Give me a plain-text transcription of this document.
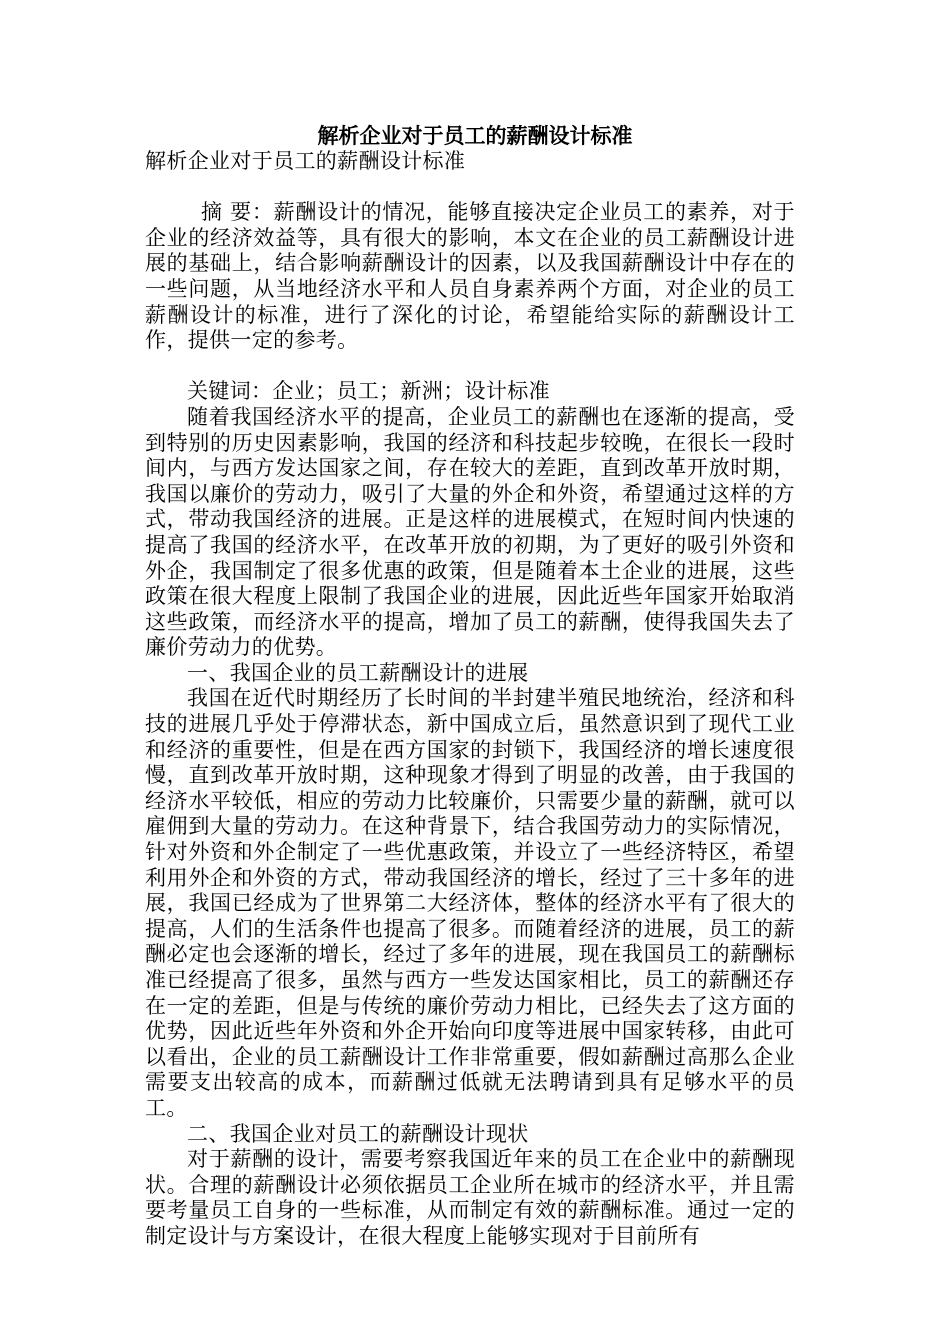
解析企业对于员工的薪酬设计标准

解析企业对于员工的薪酬设计标准

摘 要：薪酬设计的情况，能够直接决定企业员工的素养，对于企业的经济效益等，具有很大的影响，本文在企业的员工薪酬设计进展的基础上，结合影响薪酬设计的因素，以及我国薪酬设计中存在的一些问题，从当地经济水平和人员自身素养两个方面，对企业的员工薪酬设计的标准，进行了深化的讨论，希望能给实际的薪酬设计工作，提供一定的参考。

关键词：企业；员工；新洲；设计标准

随着我国经济水平的提高，企业员工的薪酬也在逐渐的提高，受到特别的历史因素影响，我国的经济和科技起步较晚，在很长一段时间内，与西方发达国家之间，存在较大的差距，直到改革开放时期，我国以廉价的劳动力，吸引了大量的外企和外资，希望通过这样的方式，带动我国经济的进展。正是这样的进展模式，在短时间内快速的提高了我国的经济水平，在改革开放的初期，为了更好的吸引外资和外企，我国制定了很多优惠的政策，但是随着本土企业的进展，这些政策在很大程度上限制了我国企业的进展，因此近些年国家开始取消这些政策，而经济水平的提高，增加了员工的薪酬，使得我国失去了廉价劳动力的优势。

一、我国企业的员工薪酬设计的进展

我国在近代时期经历了长时间的半封建半殖民地统治，经济和科技的进展几乎处于停滞状态，新中国成立后，虽然意识到了现代工业和经济的重要性，但是在西方国家的封锁下，我国经济的增长速度很慢，直到改革开放时期，这种现象才得到了明显的改善，由于我国的经济水平较低，相应的劳动力比较廉价，只需要少量的薪酬，就可以雇佣到大量的劳动力。在这种背景下，结合我国劳动力的实际情况，针对外资和外企制定了一些优惠政策，并设立了一些经济特区，希望利用外企和外资的方式，带动我国经济的增长，经过了三十多年的进展，我国已经成为了世界第二大经济体，整体的经济水平有了很大的提高，人们的生活条件也提高了很多。而随着经济的进展，员工的薪酬必定也会逐渐的增长，经过了多年的进展，现在我国员工的薪酬标准已经提高了很多，虽然与西方一些发达国家相比，员工的薪酬还存在一定的差距，但是与传统的廉价劳动力相比，已经失去了这方面的优势，因此近些年外资和外企开始向印度等进展中国家转移，由此可以看出，企业的员工薪酬设计工作非常重要，假如薪酬过高那么企业需要支出较高的成本，而薪酬过低就无法聘请到具有足够水平的员工。

二、我国企业对员工的薪酬设计现状

对于薪酬的设计，需要考察我国近年来的员工在企业中的薪酬现状。合理的薪酬设计必须依据员工企业所在城市的经济水平，并且需要考量员工自身的一些标准，从而制定有效的薪酬标准。通过一定的制定设计与方案设计，在很大程度上能够实现对于目前所有
